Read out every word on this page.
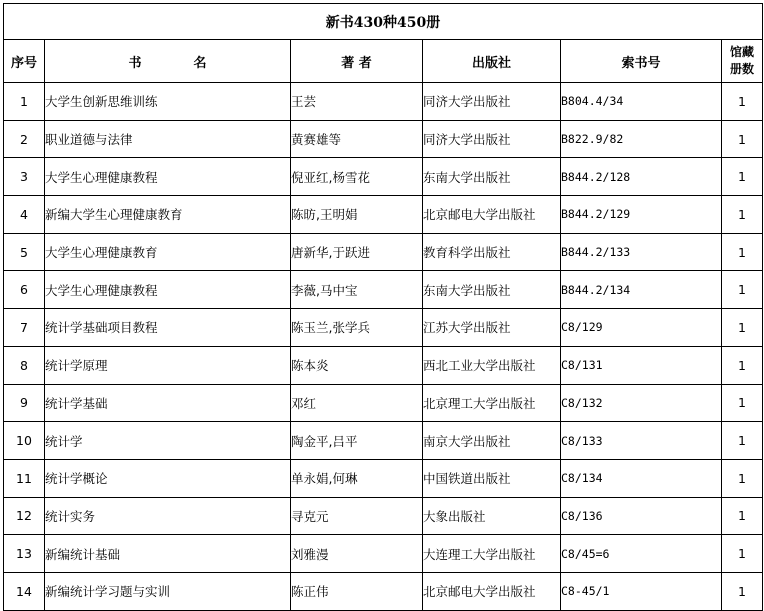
新书430种450册					
序号	书 名	著 者	出版社	索书号	馆藏册数

1	大学生创新思维训练	王芸	同济大学出版社	B804.4/34	1
2	职业道德与法律	黄赛雄等	同济大学出版社	B822.9/82	1
3	大学生心理健康教程	倪亚红,杨雪花	东南大学出版社	B844.2/128	1
4	新编大学生心理健康教育	陈昉,王明娟	北京邮电大学出版社	B844.2/129	1
5	大学生心理健康教育	唐新华,于跃进	教育科学出版社	B844.2/133	1
6	大学生心理健康教程	李薇,马中宝	东南大学出版社	B844.2/134	1
7	统计学基础项目教程	陈玉兰,张学兵	江苏大学出版社	C8/129	1
8	统计学原理	陈本炎	西北工业大学出版社	C8/131	1
9	统计学基础	邓红	北京理工大学出版社	C8/132	1
10	统计学	陶金平,吕平	南京大学出版社	C8/133	1
11	统计学概论	单永娟,何琳	中国铁道出版社	C8/134	1
12	统计实务	寻克元	大象出版社	C8/136	1
13	新编统计基础	刘雅漫	大连理工大学出版社	C8/45=6	1
14	新编统计学习题与实训	陈正伟	北京邮电大学出版社	C8-45/1	1
